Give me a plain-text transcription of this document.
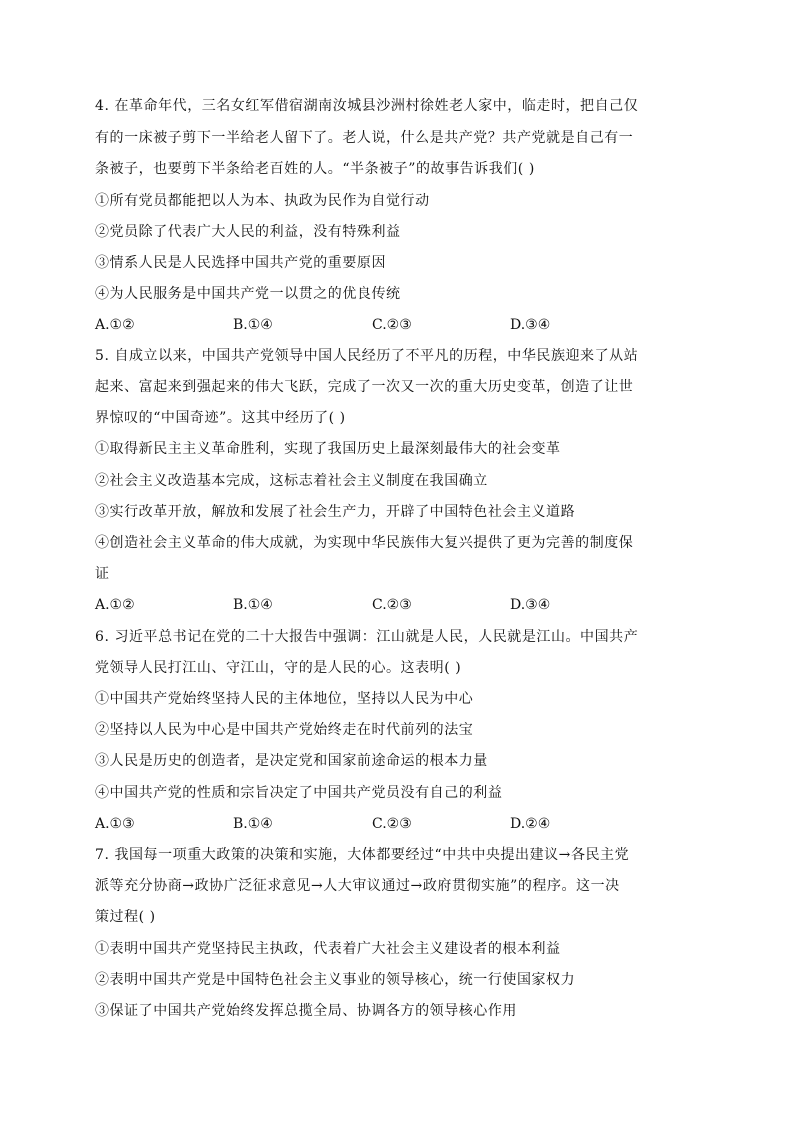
4. 在革命年代，三名女红军借宿湖南汝城县沙洲村徐姓老人家中，临走时，把自己仅
有的一床被子剪下一半给老人留下了。老人说，什么是共产党？共产党就是自己有一
条被子，也要剪下半条给老百姓的人。“半条被子”的故事告诉我们( )
①所有党员都能把以人为本、执政为民作为自觉行动
②党员除了代表广大人民的利益，没有特殊利益
③情系人民是人民选择中国共产党的重要原因
④为人民服务是中国共产党一以贯之的优良传统
A.①②	B.①④	C.②③	D.③④
5. 自成立以来，中国共产党领导中国人民经历了不平凡的历程，中华民族迎来了从站
起来、富起来到强起来的伟大飞跃，完成了一次又一次的重大历史变革，创造了让世
界惊叹的“中国奇迹”。这其中经历了( )
①取得新民主主义革命胜利，实现了我国历史上最深刻最伟大的社会变革
②社会主义改造基本完成，这标志着社会主义制度在我国确立
③实行改革开放，解放和发展了社会生产力，开辟了中国特色社会主义道路
④创造社会主义革命的伟大成就，为实现中华民族伟大复兴提供了更为完善的制度保
证
A.①②	B.①④	C.②③	D.③④
6. 习近平总书记在党的二十大报告中强调：江山就是人民，人民就是江山。中国共产
党领导人民打江山、守江山，守的是人民的心。这表明( )
①中国共产党始终坚持人民的主体地位，坚持以人民为中心
②坚持以人民为中心是中国共产党始终走在时代前列的法宝
③人民是历史的创造者，是决定党和国家前途命运的根本力量
④中国共产党的性质和宗旨决定了中国共产党员没有自己的利益
A.①③	B.①④	C.②③	D.②④
7. 我国每一项重大政策的决策和实施，大体都要经过“中共中央提出建议→各民主党
派等充分协商→政协广泛征求意见→人大审议通过→政府贯彻实施”的程序。这一决
策过程( )
①表明中国共产党坚持民主执政，代表着广大社会主义建设者的根本利益
②表明中国共产党是中国特色社会主义事业的领导核心，统一行使国家权力
③保证了中国共产党始终发挥总揽全局、协调各方的领导核心作用
